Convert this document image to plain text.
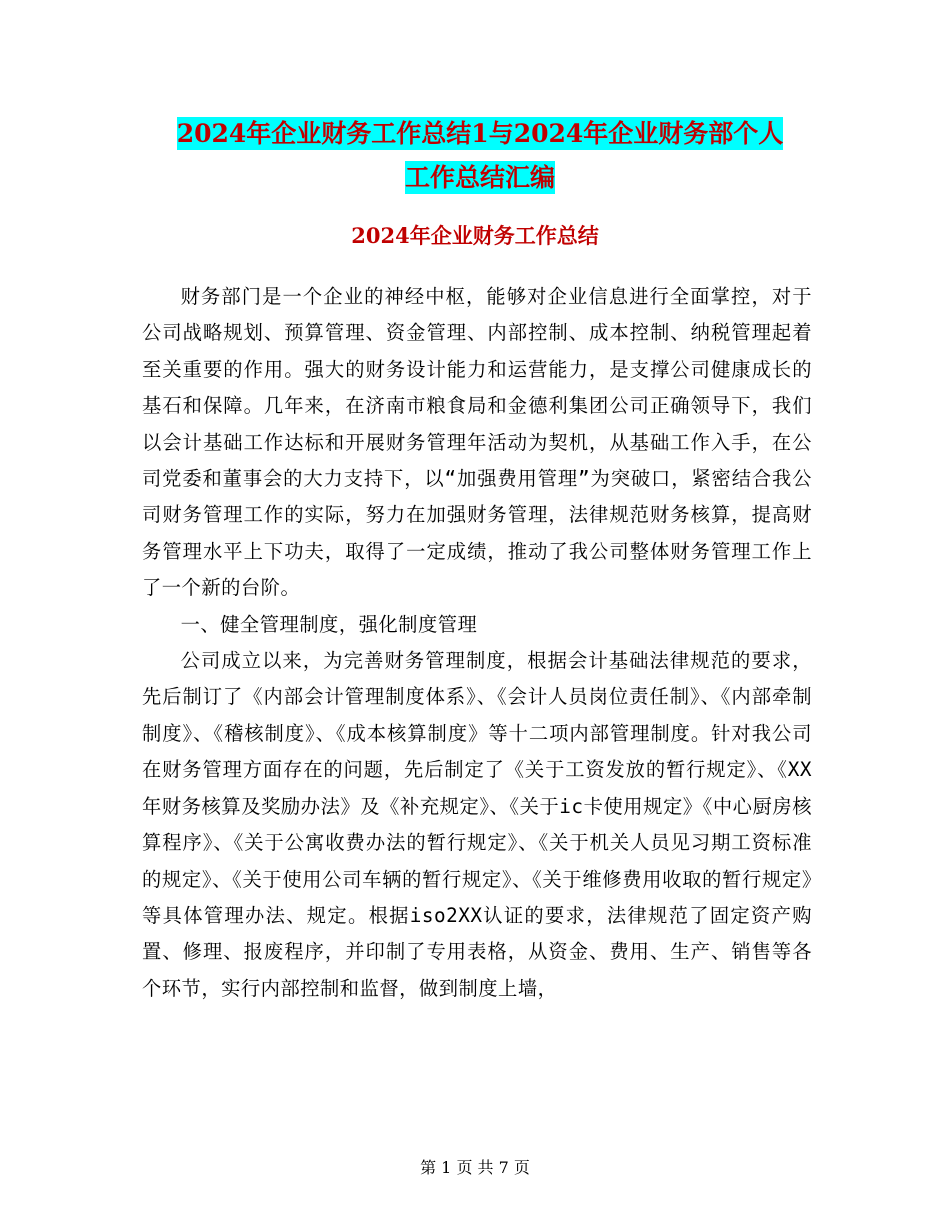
2024年企业财务工作总结1与2024年企业财务部个人
工作总结汇编
2024年企业财务工作总结

财务部门是一个企业的神经中枢，能够对企业信息进行全面掌控，对于公司战略规划、预算管理、资金管理、内部控制、成本控制、纳税管理起着至关重要的作用。强大的财务设计能力和运营能力，是支撑公司健康成长的基石和保障。几年来，在济南市粮食局和金德利集团公司正确领导下，我们以会计基础工作达标和开展财务管理年活动为契机，从基础工作入手，在公司党委和董事会的大力支持下，以“加强费用管理”为突破口，紧密结合我公司财务管理工作的实际，努力在加强财务管理，法律规范财务核算，提高财务管理水平上下功夫，取得了一定成绩，推动了我公司整体财务管理工作上了一个新的台阶。

一、健全管理制度，强化制度管理

公司成立以来，为完善财务管理制度，根据会计基础法律规范的要求，先后制订了《内部会计管理制度体系》、《会计人员岗位责任制》、《内部牵制制度》、《稽核制度》、《成本核算制度》等十二项内部管理制度。针对我公司在财务管理方面存在的问题，先后制定了《关于工资发放的暂行规定》、《XX年财务核算及奖励办法》及《补充规定》、《关于ic卡使用规定》《中心厨房核算程序》、《关于公寓收费办法的暂行规定》、《关于机关人员见习期工资标准的规定》、《关于使用公司车辆的暂行规定》、《关于维修费用收取的暂行规定》等具体管理办法、规定。根据iso2XX认证的要求，法律规范了固定资产购置、修理、报废程序，并印制了专用表格，从资金、费用、生产、销售等各个环节，实行内部控制和监督，做到制度上墙，

第 1 页 共 7 页
